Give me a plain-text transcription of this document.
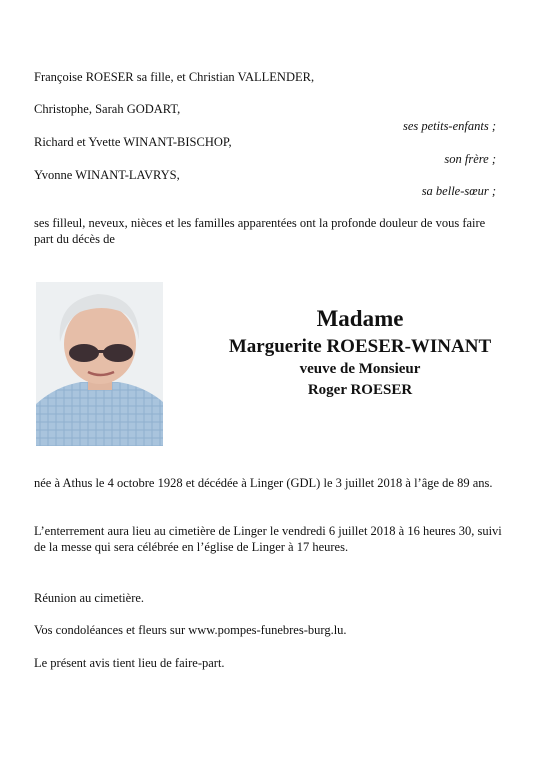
Françoise ROESER sa fille, et Christian VALLENDER,
Christophe, Sarah GODART,
ses petits-enfants ;
Richard et Yvette WINANT-BISCHOP,
son frère ;
Yvonne WINANT-LAVRYS,
sa belle-sœur ;
ses filleul, neveux, nièces et les familles apparentées ont la profonde douleur de vous faire part du décès de
Madame
Marguerite ROESER-WINANT
veuve de Monsieur
Roger ROESER
née à Athus le 4 octobre 1928 et décédée à Linger (GDL) le 3 juillet 2018 à l’âge de 89 ans.
L’enterrement aura lieu au cimetière de Linger le vendredi 6 juillet 2018 à 16 heures 30, suivi de la messe qui sera célébrée en l’église de Linger à 17 heures.
Réunion au cimetière.
Vos condoléances et fleurs sur www.pompes-funebres-burg.lu.
Le présent avis tient lieu de faire-part.
